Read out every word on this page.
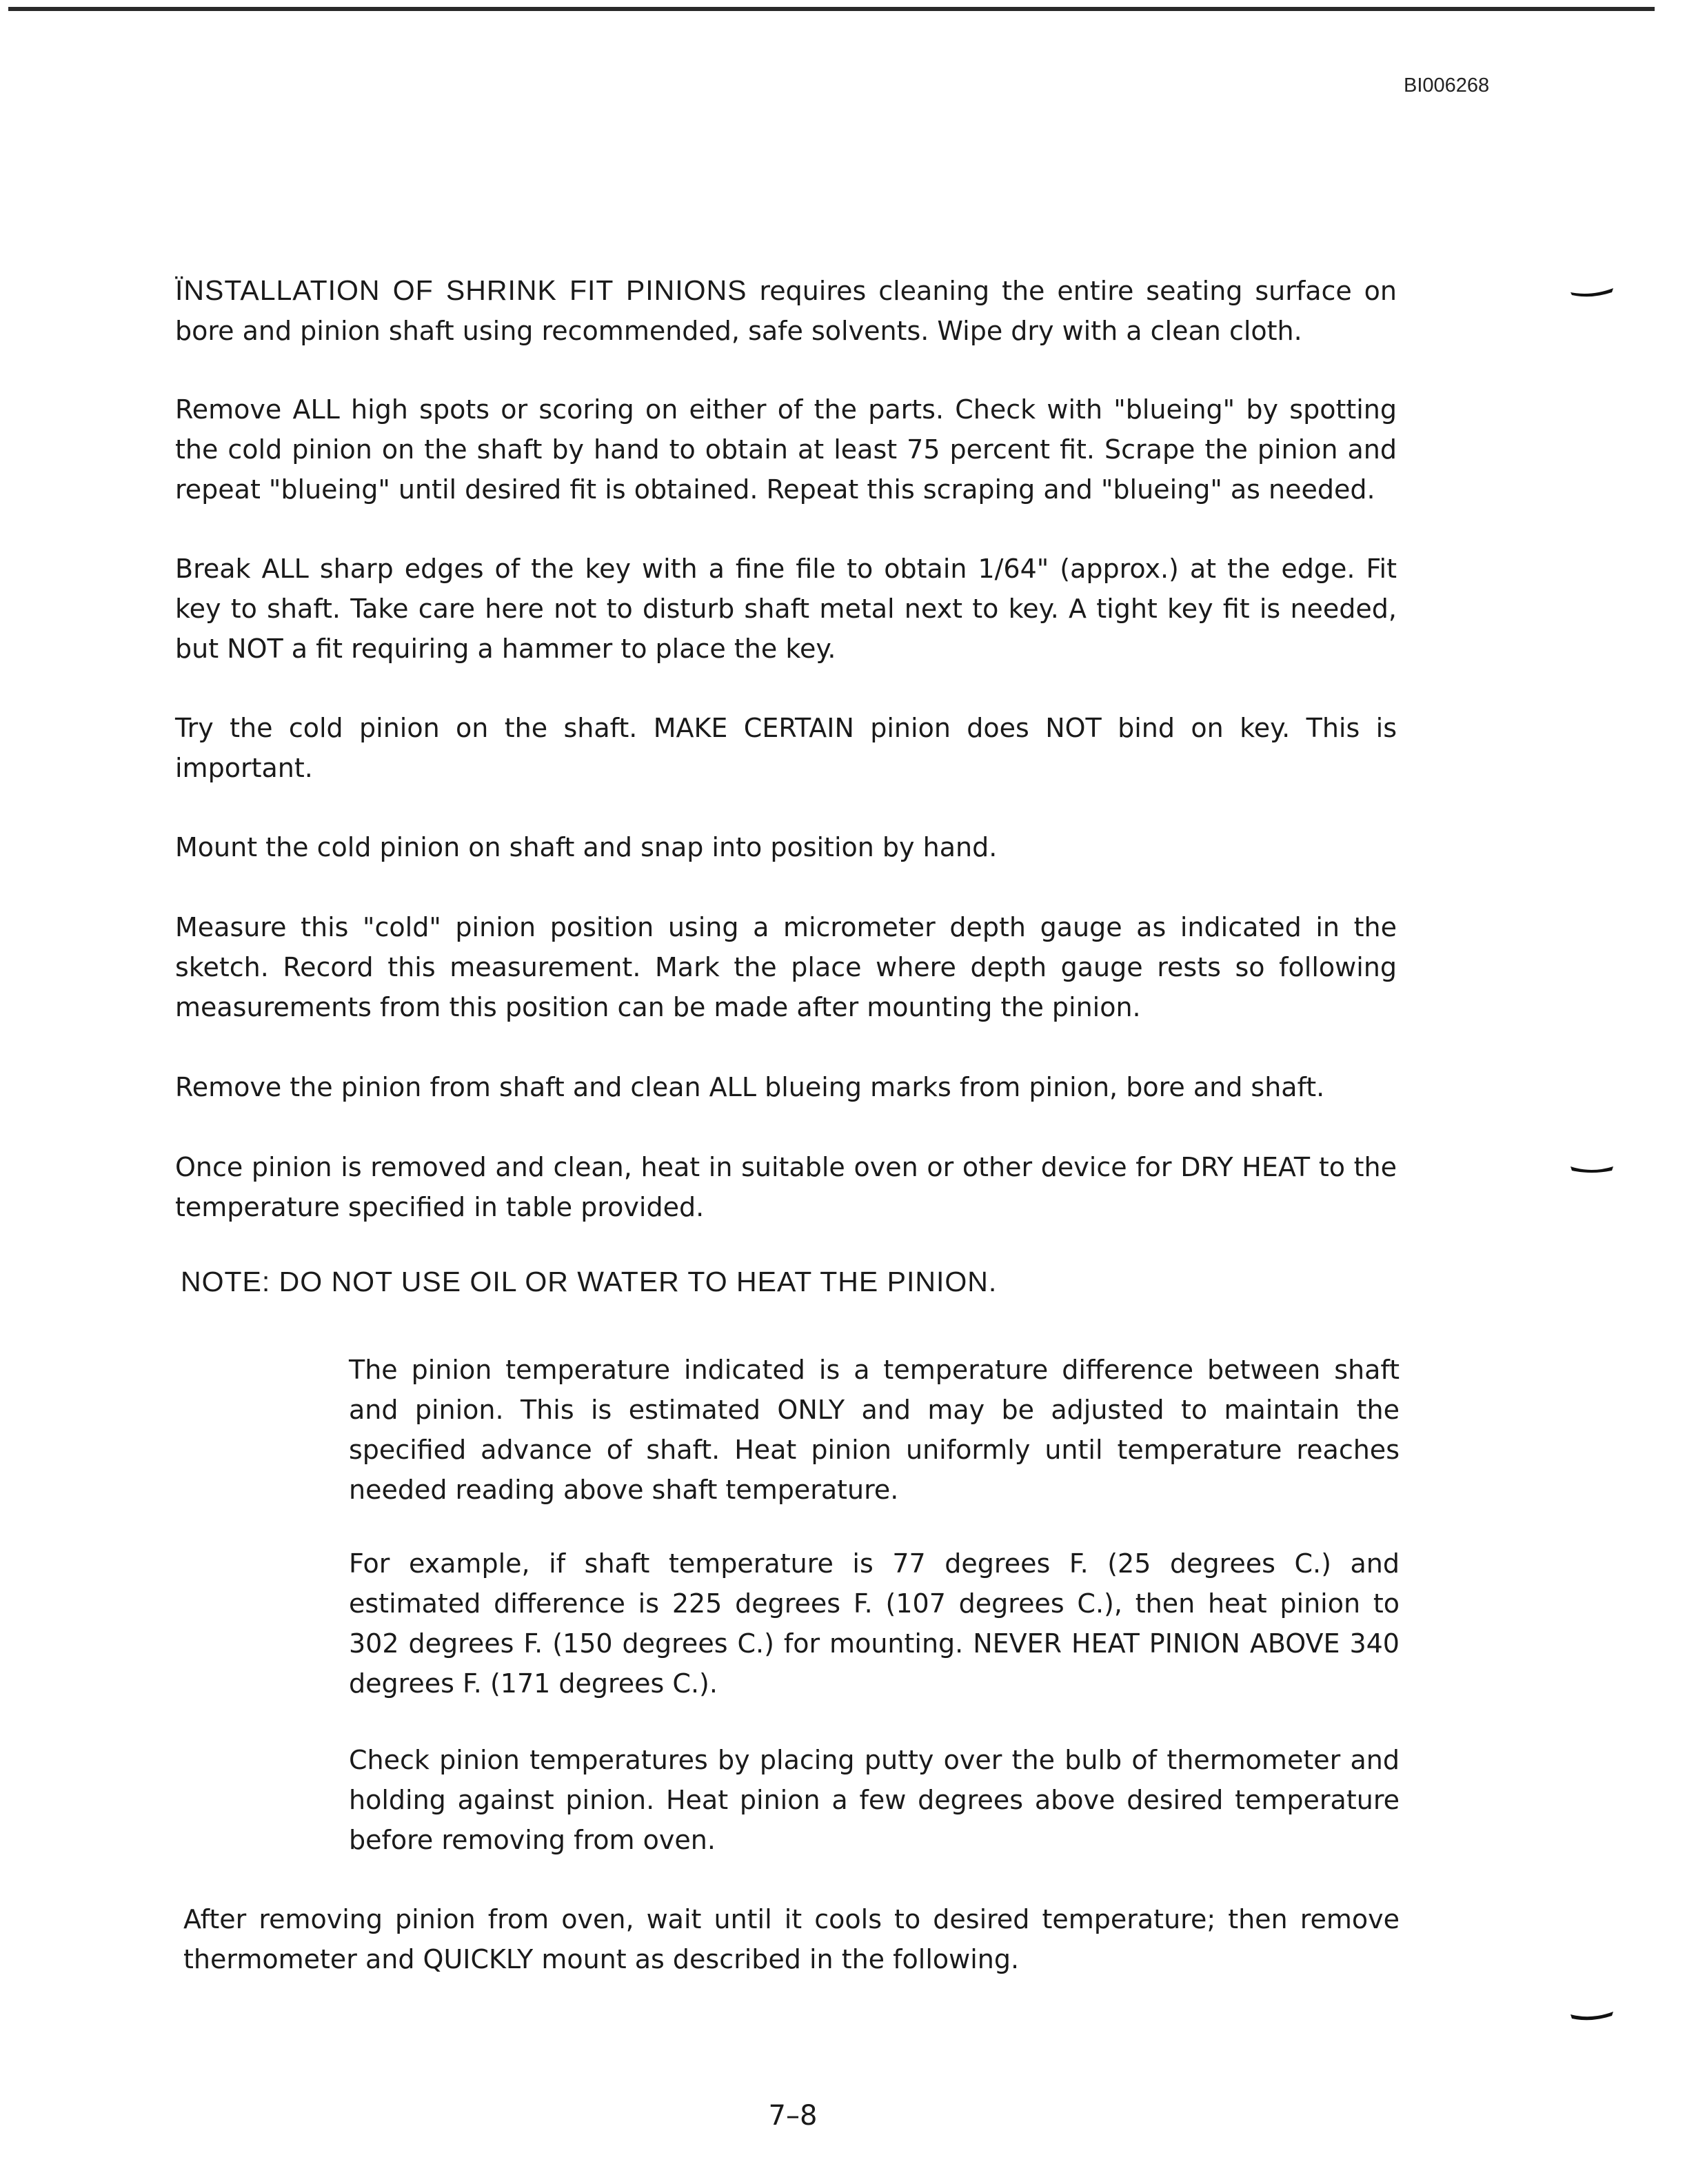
BI006268

ÏNSTALLATION OF SHRINK FIT PINIONS requires cleaning the entire seating surface on bore and pinion shaft using recommended, safe solvents. Wipe dry with a clean cloth.

Remove ALL high spots or scoring on either of the parts. Check with "blueing" by spotting the cold pinion on the shaft by hand to obtain at least 75 percent fit. Scrape the pinion and repeat "blueing" until desired fit is obtained. Repeat this scraping and "blueing" as needed.

Break ALL sharp edges of the key with a fine file to obtain 1/64" (approx.) at the edge. Fit key to shaft. Take care here not to disturb shaft metal next to key. A tight key fit is needed, but NOT a fit requiring a hammer to place the key.

Try the cold pinion on the shaft. MAKE CERTAIN pinion does NOT bind on key. This is important.

Mount the cold pinion on shaft and snap into position by hand.

Measure this "cold" pinion position using a micrometer depth gauge as indicated in the sketch. Record this measurement. Mark the place where depth gauge rests so following measurements from this position can be made after mounting the pinion.

Remove the pinion from shaft and clean ALL blueing marks from pinion, bore and shaft.

Once pinion is removed and clean, heat in suitable oven or other device for DRY HEAT to the temperature specified in table provided.

NOTE: DO NOT USE OIL OR WATER TO HEAT THE PINION.

The pinion temperature indicated is a temperature difference between shaft and pinion. This is estimated ONLY and may be adjusted to maintain the specified advance of shaft. Heat pinion uniformly until temperature reaches needed reading above shaft temperature.

For example, if shaft temperature is 77 degrees F. (25 degrees C.) and estimated difference is 225 degrees F. (107 degrees C.), then heat pinion to 302 degrees F. (150 degrees C.) for mounting. NEVER HEAT PINION ABOVE 340 degrees F. (171 degrees C.).

Check pinion temperatures by placing putty over the bulb of thermometer and holding against pinion. Heat pinion a few degrees above desired temperature before removing from oven.

After removing pinion from oven, wait until it cools to desired temperature; then remove thermometer and QUICKLY mount as described in the following.

7–8
